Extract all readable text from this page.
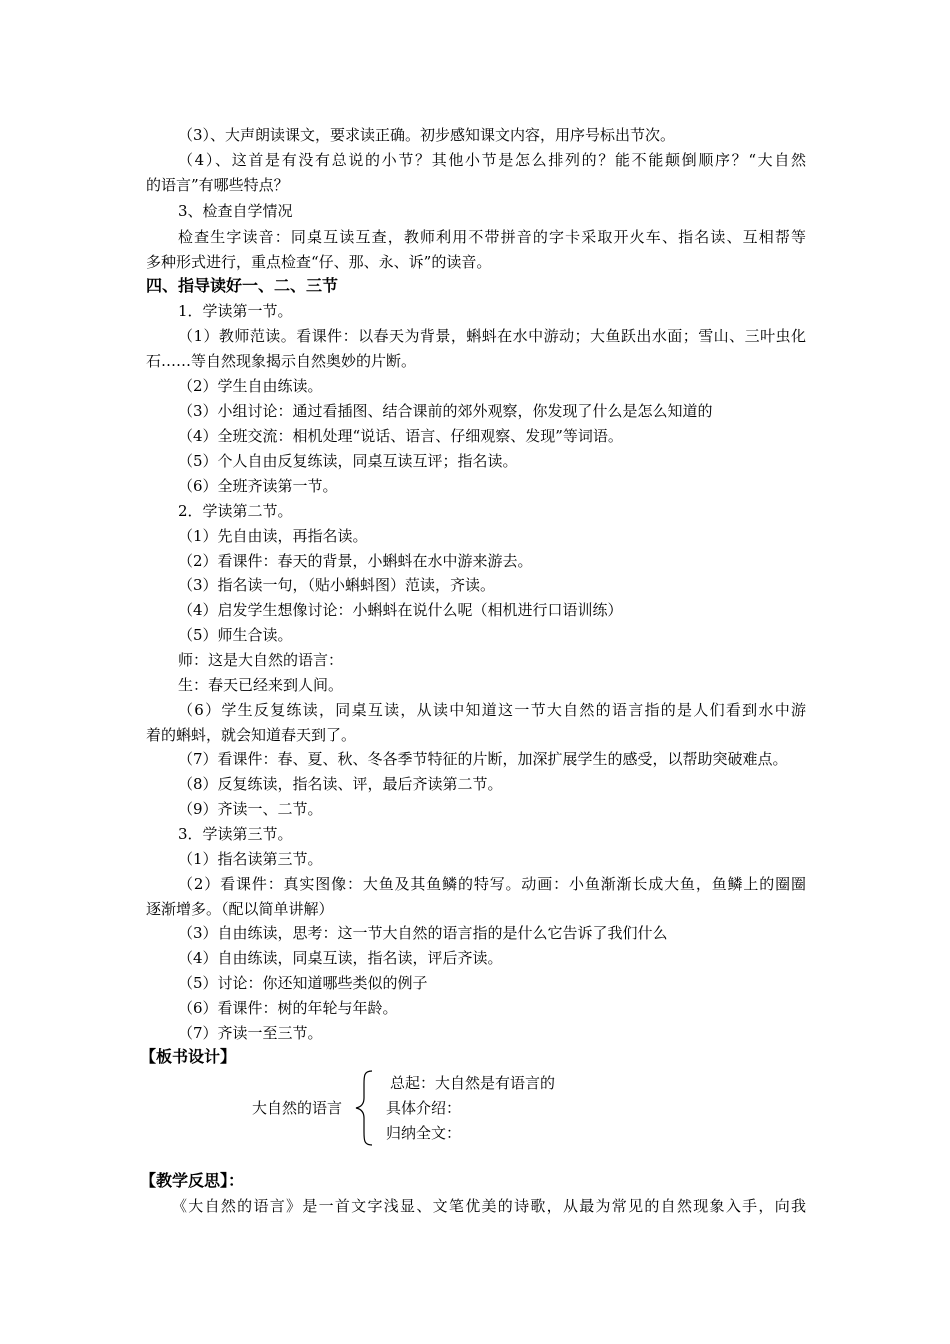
（3）、大声朗读课文，要求读正确。初步感知课文内容，用序号标出节次。
（4）、这首是有没有总说的小节？其他小节是怎么排列的？能不能颠倒顺序？“大自然
的语言”有哪些特点？
3、检查自学情况
检查生字读音：同桌互读互查，教师利用不带拼音的字卡采取开火车、指名读、互相帮等
多种形式进行，重点检查“仔、那、永、诉”的读音。
四、指导读好一、二、三节
1．学读第一节。
（1）教师范读。看课件：以春天为背景，蝌蚪在水中游动；大鱼跃出水面；雪山、三叶虫化
石……等自然现象揭示自然奥妙的片断。
（2）学生自由练读。
（3）小组讨论：通过看插图、结合课前的郊外观察，你发现了什么是怎么知道的
（4）全班交流：相机处理“说话、语言、仔细观察、发现”等词语。
（5）个人自由反复练读，同桌互读互评；指名读。
（6）全班齐读第一节。
2．学读第二节。
（1）先自由读，再指名读。
（2）看课件：春天的背景，小蝌蚪在水中游来游去。
（3）指名读一句，（贴小蝌蚪图）范读，齐读。
（4）启发学生想像讨论：小蝌蚪在说什么呢（相机进行口语训练）
（5）师生合读。
师：这是大自然的语言：
生：春天已经来到人间。
（6）学生反复练读，同桌互读，从读中知道这一节大自然的语言指的是人们看到水中游
着的蝌蚪，就会知道春天到了。
（7）看课件：春、夏、秋、冬各季节特征的片断，加深扩展学生的感受，以帮助突破难点。
（8）反复练读，指名读、评，最后齐读第二节。
（9）齐读一、二节。
3．学读第三节。
（1）指名读第三节。
（2）看课件：真实图像：大鱼及其鱼鳞的特写。动画：小鱼渐渐长成大鱼，鱼鳞上的圈圈
逐渐增多。（配以简单讲解）
（3）自由练读，思考：这一节大自然的语言指的是什么它告诉了我们什么
（4）自由练读，同桌互读，指名读，评后齐读。
（5）讨论：你还知道哪些类似的例子
（6）看课件：树的年轮与年龄。
（7）齐读一至三节。
【板书设计】
大自然的语言
总起：大自然是有语言的
具体介绍：
归纳全文：
【教学反思】：
《大自然的语言》是一首文字浅显、文笔优美的诗歌，从最为常见的自然现象入手，向我
